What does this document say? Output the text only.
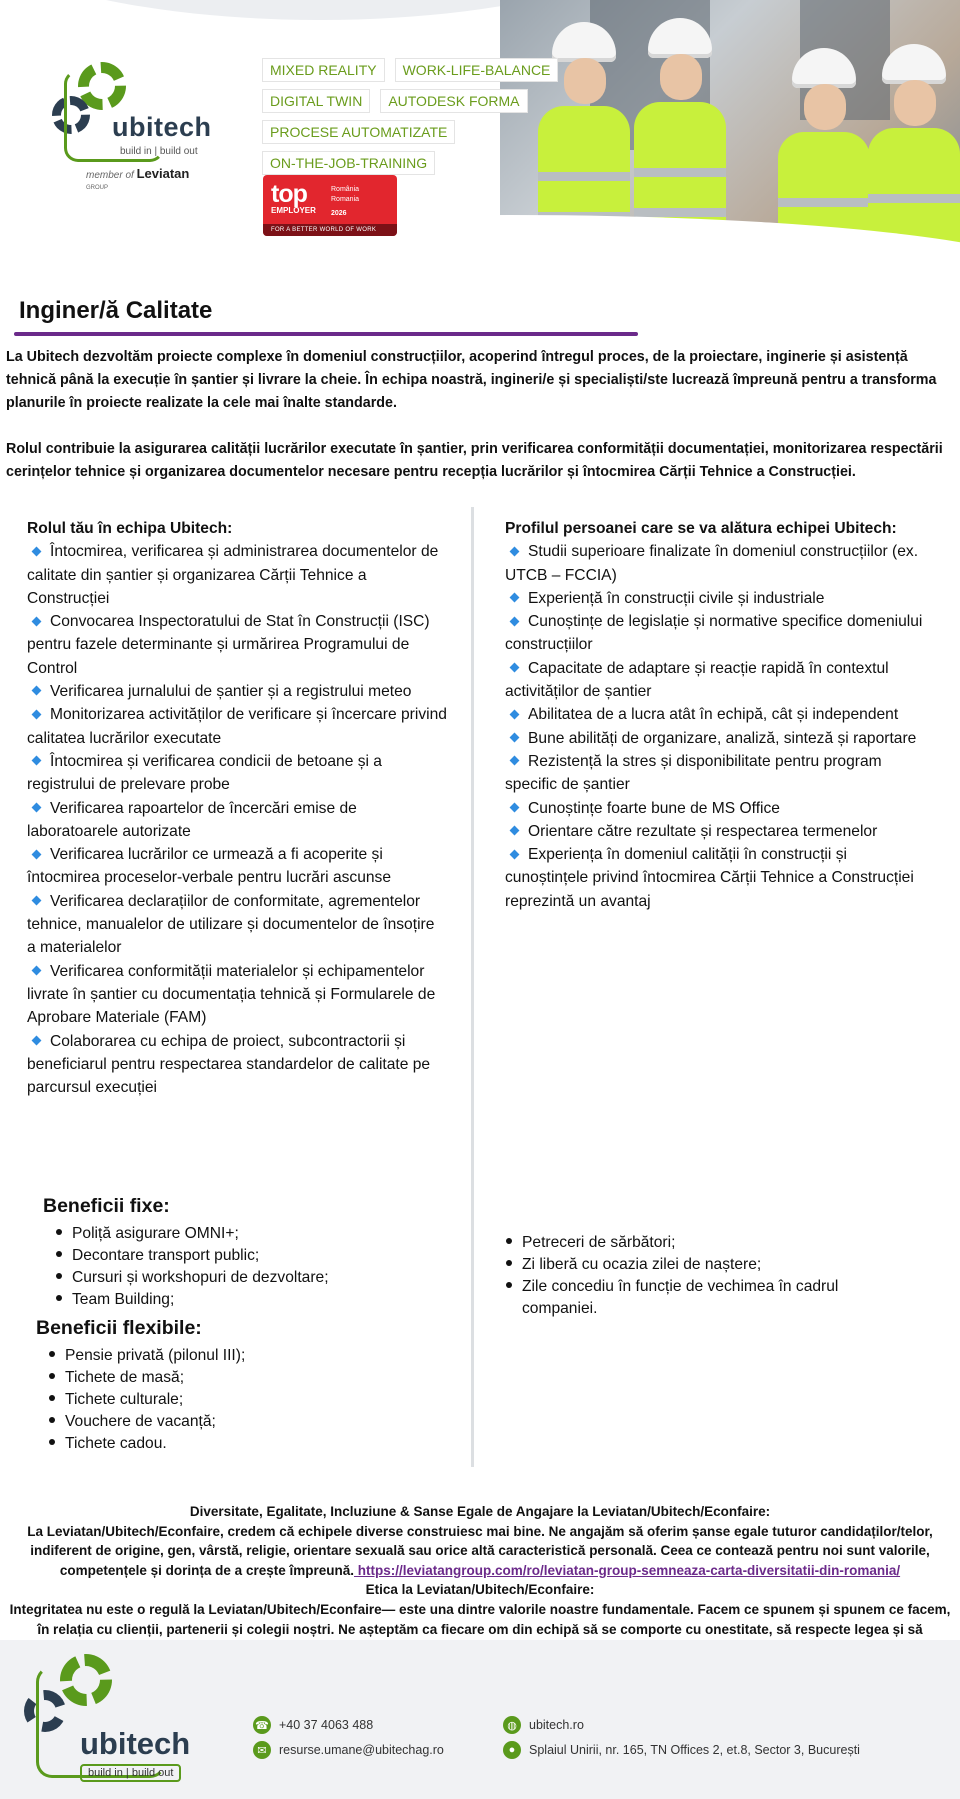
ubitech
build in | build out
member of Leviatan GROUP
MIXED REALITY	WORK-LIFE-BALANCE
DIGITAL TWIN	AUTODESK FORMA
PROCESE AUTOMATIZATE
ON-THE-JOB-TRAINING
top
EMPLOYER
România
Romania
2026
FOR A BETTER WORLD OF WORK
Inginer/ă Calitate

La Ubitech dezvoltăm proiecte complexe în domeniul construcțiilor, acoperind întregul proces, de la proiectare, inginerie și asistență tehnică până la execuție în șantier și livrare la cheie. În echipa noastră, ingineri/e și specialiști/ste lucrează împreună pentru a transforma planurile în proiecte realizate la cele mai înalte standarde.

Rolul contribuie la asigurarea calității lucrărilor executate în șantier, prin verificarea conformității documentației, monitorizarea respectării cerințelor tehnice și organizarea documentelor necesare pentru recepția lucrărilor și întocmirea Cărții Tehnice a Construcției.

Rolul tău în echipa Ubitech:
Întocmirea, verificarea și administrarea documentelor de calitate din șantier și organizarea Cărții Tehnice a Construcției
Convocarea Inspectoratului de Stat în Construcții (ISC) pentru fazele determinante și urmărirea Programului de Control
Verificarea jurnalului de șantier și a registrului meteo
Monitorizarea activităților de verificare și încercare privind calitatea lucrărilor executate
Întocmirea și verificarea condicii de betoane și a registrului de prelevare probe
Verificarea rapoartelor de încercări emise de laboratoarele autorizate
Verificarea lucrărilor ce urmează a fi acoperite și întocmirea proceselor-verbale pentru lucrări ascunse
Verificarea declarațiilor de conformitate, agrementelor tehnice, manualelor de utilizare și documentelor de însoțire a materialelor
Verificarea conformității materialelor și echipamentelor livrate în șantier cu documentația tehnică și Formularele de Aprobare Materiale (FAM)
Colaborarea cu echipa de proiect, subcontractorii și beneficiarul pentru respectarea standardelor de calitate pe parcursul execuției
Profilul persoanei care se va alătura echipei Ubitech:
Studii superioare finalizate în domeniul construcțiilor (ex. UTCB – FCCIA)
Experiență în construcții civile și industriale
Cunoștințe de legislație și normative specifice domeniului construcțiilor
Capacitate de adaptare și reacție rapidă în contextul activităților de șantier
Abilitatea de a lucra atât în echipă, cât și independent
Bune abilități de organizare, analiză, sinteză și raportare
Rezistență la stres și disponibilitate pentru program specific de șantier
Cunoștințe foarte bune de MS Office
Orientare către rezultate și respectarea termenelor
Experiența în domeniul calității în construcții și cunoștințele privind întocmirea Cărții Tehnice a Construcției reprezintă un avantaj
Beneficii fixe:
Poliță asigurare OMNI+;
Decontare transport public;
Cursuri și workshopuri de dezvoltare;
Team Building;
Beneficii flexibile:
Pensie privată (pilonul III);
Tichete de masă;
Tichete culturale;
Vouchere de vacanță;
Tichete cadou.
Petreceri de sărbători;
Zi liberă cu ocazia zilei de naștere;
Zile concediu în funcție de vechimea în cadrul companiei.
Diversitate, Egalitate, Incluziune & Sanse Egale de Angajare la Leviatan/Ubitech/Econfaire:
La Leviatan/Ubitech/Econfaire, credem că echipele diverse construiesc mai bine. Ne angajăm să oferim șanse egale tuturor candidaților/telor, indiferent de origine, gen, vârstă, religie, orientare sexuală sau orice altă caracteristică personală. Ceea ce contează pentru noi sunt valorile, competențele și dorința de a crește împreună. https://leviatangroup.com/ro/leviatan-group-semneaza-carta-diversitatii-din-romania/
Etica la Leviatan/Ubitech/Econfaire:
Integritatea nu este o regulă la Leviatan/Ubitech/Econfaire— este una dintre valorile noastre fundamentale. Facem ce spunem și spunem ce facem, în relația cu clienții, partenerii și colegii noștri. Ne așteptăm ca fiecare om din echipă să se comporte cu onestitate, să respecte legea și să
ubitech
build in | build out
☎ +40 37 4063 488
✉ resurse.umane@ubitechag.ro
◍ ubitech.ro
●	Splaiul Unirii, nr. 165, TN Offices 2, et.8, Sector 3, București
